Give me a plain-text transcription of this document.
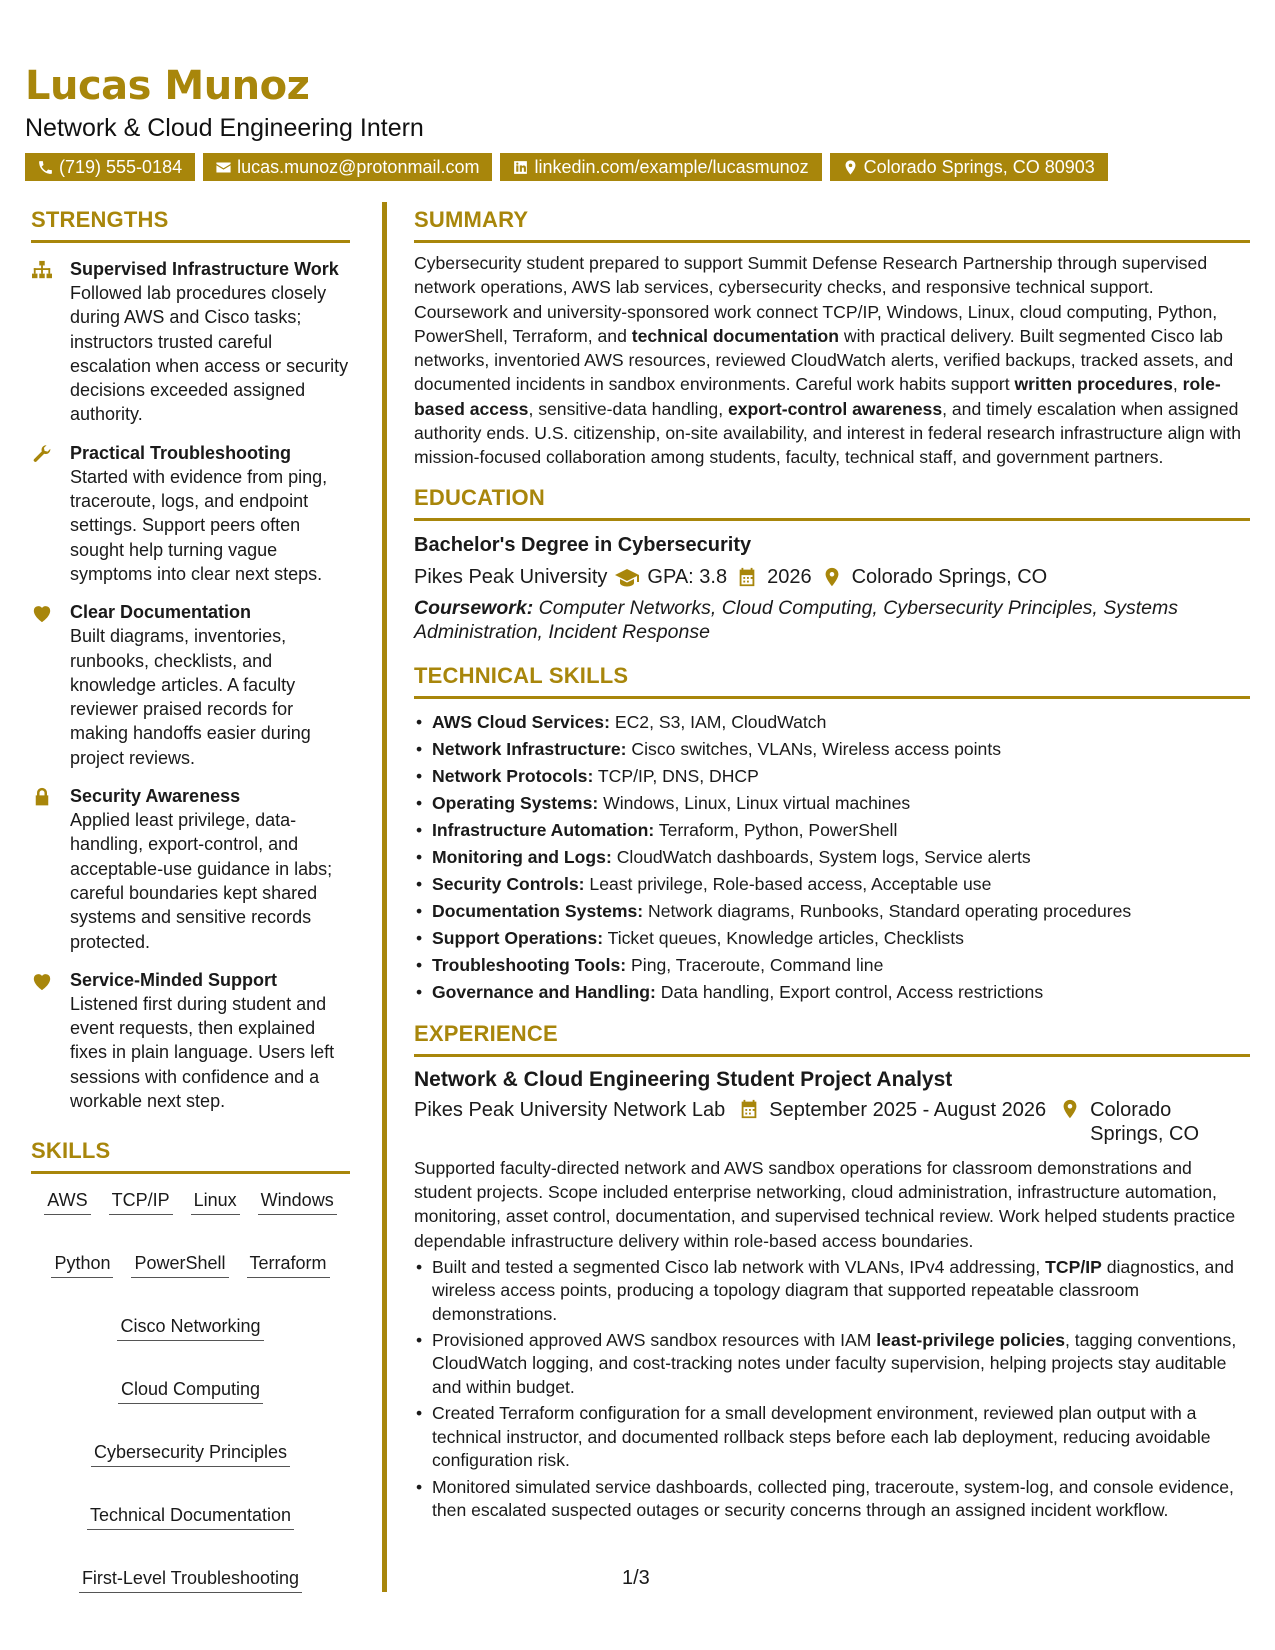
Lucas Munoz
Network & Cloud Engineering Intern
(719) 555-0184	lucas.munoz@protonmail.com	linkedin.com/example/lucasmunoz	Colorado Springs, CO 80903
STRENGTHS
Supervised Infrastructure Work
Followed lab procedures closely during AWS and Cisco tasks; instructors trusted careful escalation when access or security decisions exceeded assigned authority.
Practical Troubleshooting
Started with evidence from ping, traceroute, logs, and endpoint settings. Support peers often sought help turning vague symptoms into clear next steps.
Clear Documentation
Built diagrams, inventories, runbooks, checklists, and knowledge articles. A faculty reviewer praised records for making handoffs easier during project reviews.
Security Awareness
Applied least privilege, data-handling, export-control, and acceptable-use guidance in labs; careful boundaries kept shared systems and sensitive records protected.
Service-Minded Support
Listened first during student and event requests, then explained fixes in plain language. Users left sessions with confidence and a workable next step.
SKILLS
AWS TCP/IP Linux Windows
Python PowerShell Terraform
Cisco Networking
Cloud Computing
Cybersecurity Principles
Technical Documentation
First-Level Troubleshooting
SUMMARY

Cybersecurity student prepared to support Summit Defense Research Partnership through supervised network operations, AWS lab services, cybersecurity checks, and responsive technical support. Coursework and university-sponsored work connect TCP/IP, Windows, Linux, cloud computing, Python, PowerShell, Terraform, and technical documentation with practical delivery. Built segmented Cisco lab networks, inventoried AWS resources, reviewed CloudWatch alerts, verified backups, tracked assets, and documented incidents in sandbox environments. Careful work habits support written procedures, role-based access, sensitive-data handling, export-control awareness, and timely escalation when assigned authority ends. U.S. citizenship, on-site availability, and interest in federal research infrastructure align with mission-focused collaboration among students, faculty, technical staff, and government partners.

EDUCATION
Bachelor's Degree in Cybersecurity
Pikes Peak University GPA: 3.8 2026 Colorado Springs, CO
Coursework: Computer Networks, Cloud Computing, Cybersecurity Principles, Systems Administration, Incident Response
TECHNICAL SKILLS
• AWS Cloud Services: EC2, S3, IAM, CloudWatch
• Network Infrastructure: Cisco switches, VLANs, Wireless access points
• Network Protocols: TCP/IP, DNS, DHCP
• Operating Systems: Windows, Linux, Linux virtual machines
• Infrastructure Automation: Terraform, Python, PowerShell
• Monitoring and Logs: CloudWatch dashboards, System logs, Service alerts
• Security Controls: Least privilege, Role-based access, Acceptable use
• Documentation Systems: Network diagrams, Runbooks, Standard operating procedures
• Support Operations: Ticket queues, Knowledge articles, Checklists
• Troubleshooting Tools: Ping, Traceroute, Command line
• Governance and Handling: Data handling, Export control, Access restrictions
EXPERIENCE
Network & Cloud Engineering Student Project Analyst
Pikes Peak University Network Lab September 2025 - August 2026 Colorado Springs, CO

Supported faculty-directed network and AWS sandbox operations for classroom demonstrations and student projects. Scope included enterprise networking, cloud administration, infrastructure automation, monitoring, asset control, documentation, and supervised technical review. Work helped students practice dependable infrastructure delivery within role-based access boundaries.

• Built and tested a segmented Cisco lab network with VLANs, IPv4 addressing, TCP/IP diagnostics, and wireless access points, producing a topology diagram that supported repeatable classroom demonstrations.
• Provisioned approved AWS sandbox resources with IAM least-privilege policies, tagging conventions, CloudWatch logging, and cost-tracking notes under faculty supervision, helping projects stay auditable and within budget.
• Created Terraform configuration for a small development environment, reviewed plan output with a technical instructor, and documented rollback steps before each lab deployment, reducing avoidable configuration risk.
• Monitored simulated service dashboards, collected ping, traceroute, system-log, and console evidence, then escalated suspected outages or security concerns through an assigned incident workflow.
1/3
